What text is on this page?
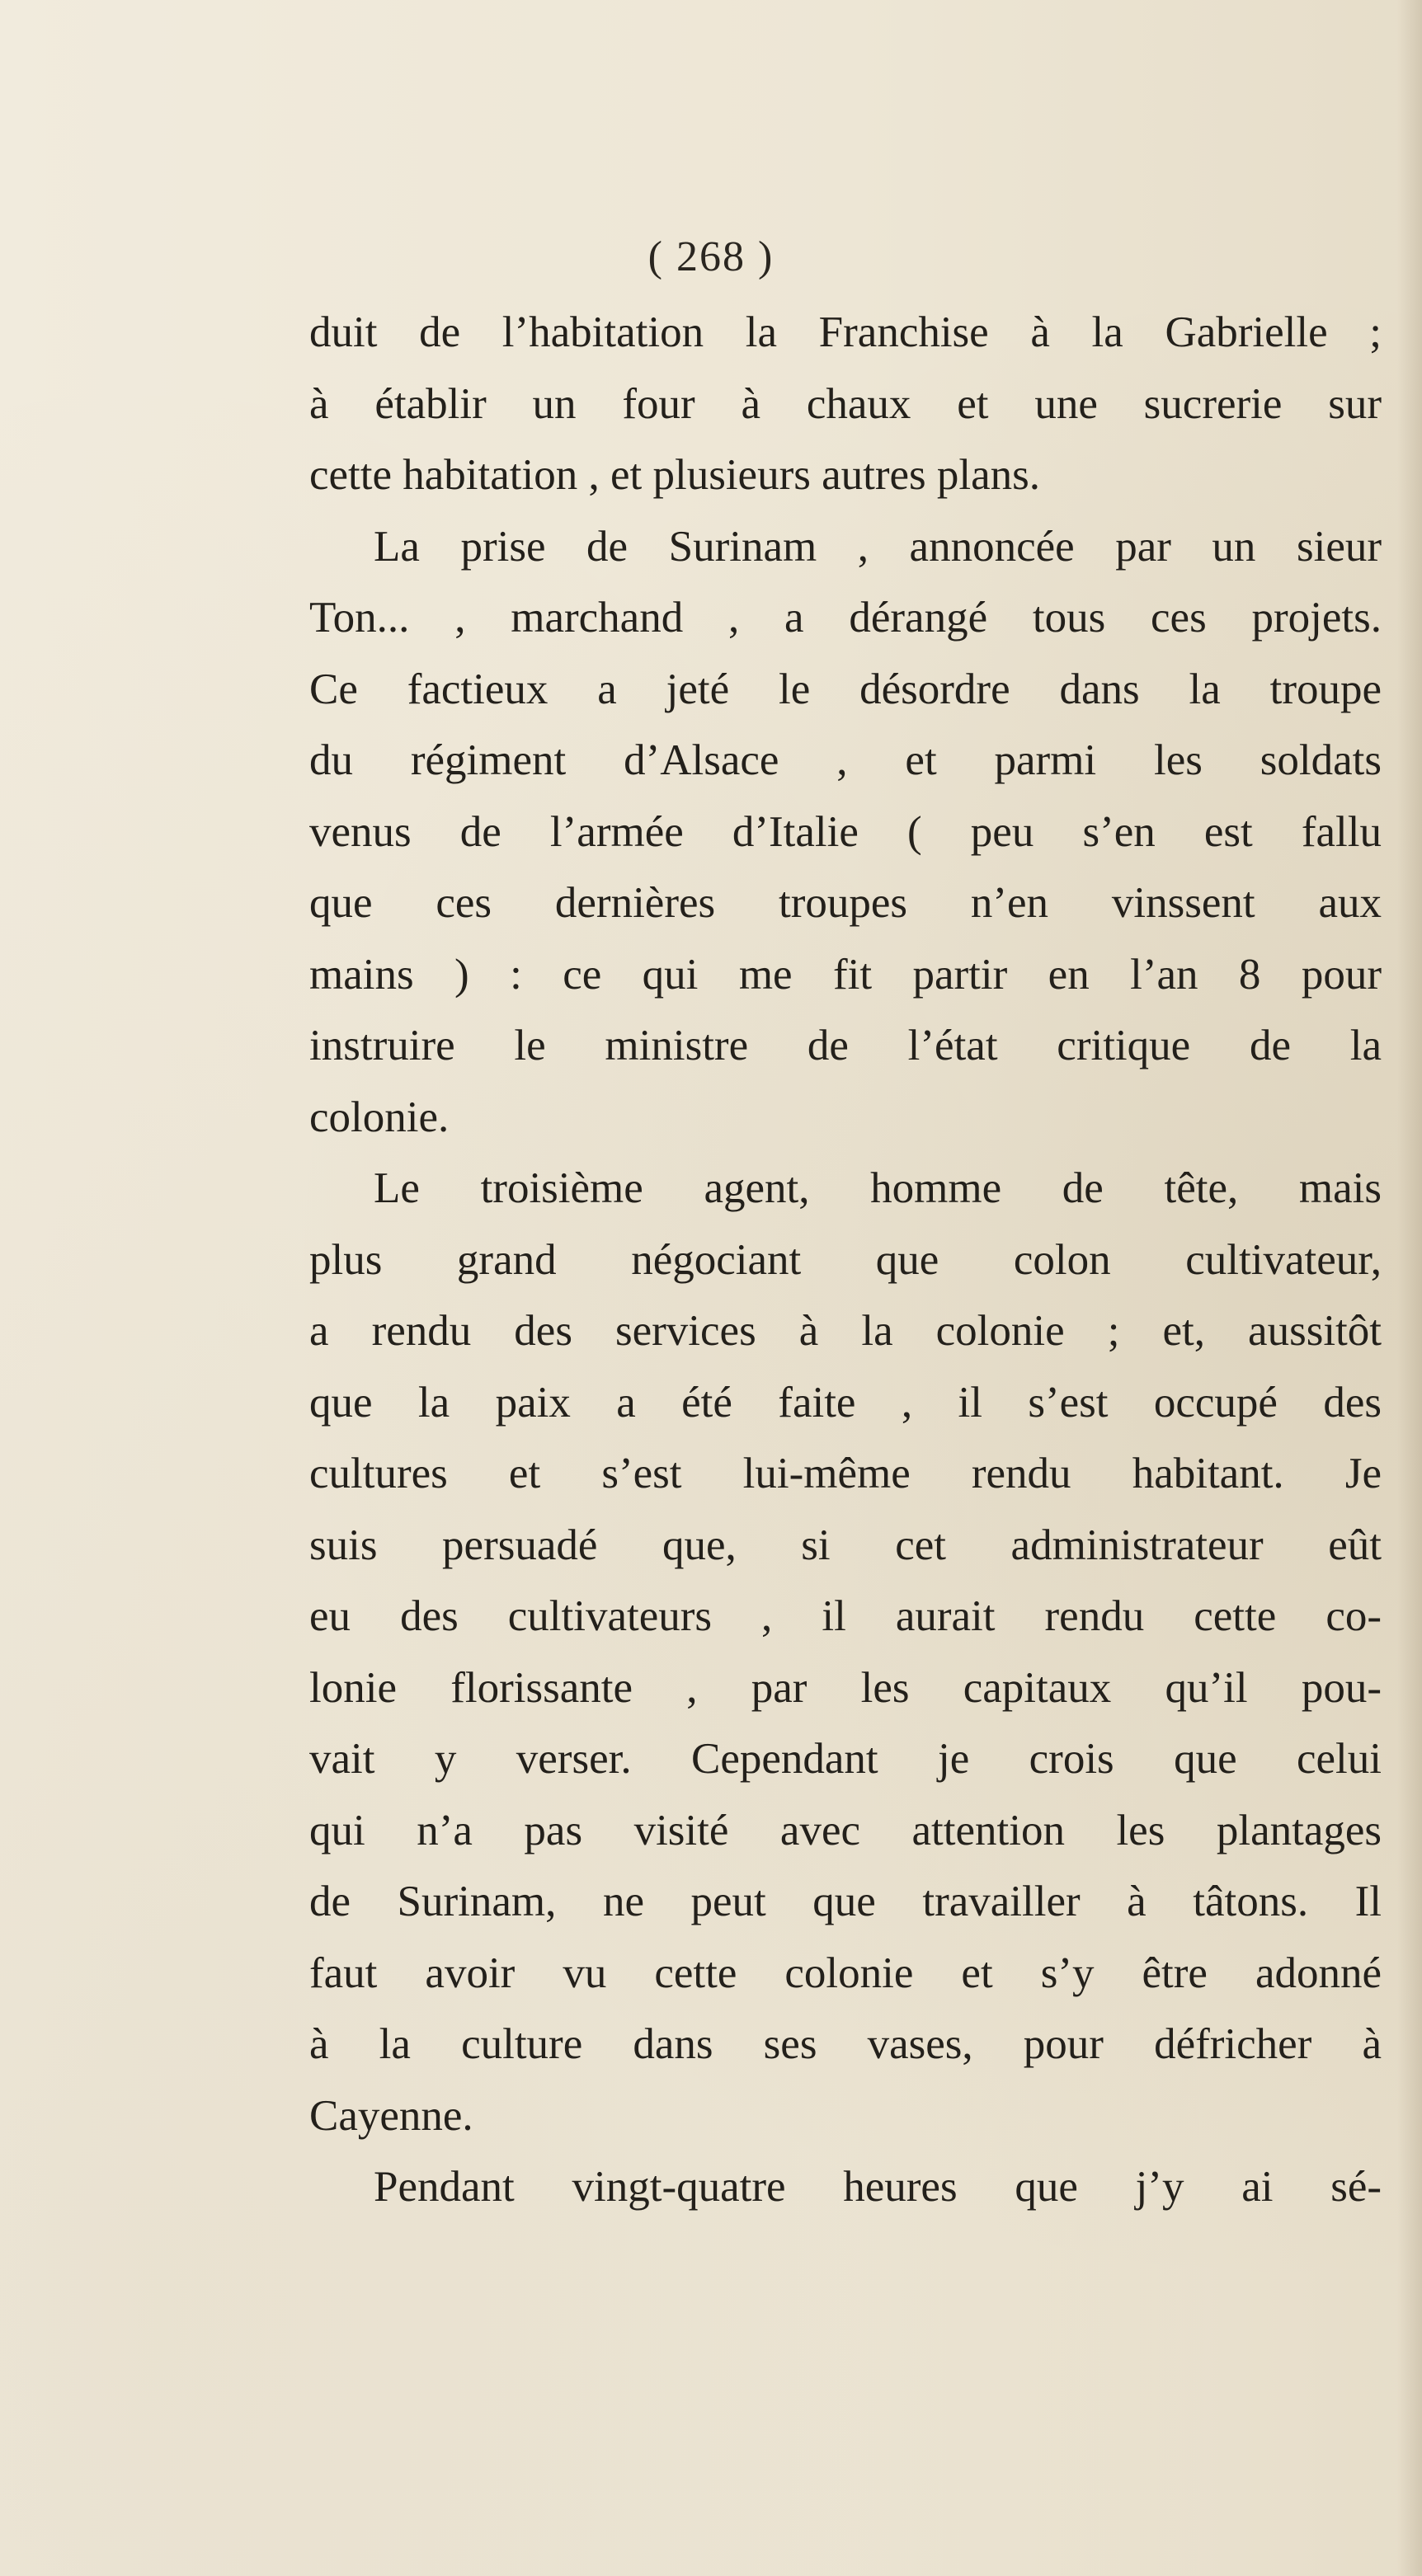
( 268 )
duit de l’habitation la Franchise à la Gabrielle ;
à établir un four à chaux et une sucrerie sur
cette habitation , et plusieurs autres plans.
La prise de Surinam , annoncée par un sieur
Ton... , marchand , a dérangé tous ces projets.
Ce factieux a jeté le désordre dans la troupe
du régiment d’Alsace , et parmi les soldats
venus de l’armée d’Italie ( peu s’en est fallu
que ces dernières troupes n’en vinssent aux
mains ) : ce qui me fit partir en l’an 8 pour
instruire le ministre de l’état critique de la
colonie.
Le troisième agent, homme de tête, mais
plus grand négociant que colon cultivateur,
a rendu des services à la colonie ; et, aussitôt
que la paix a été faite , il s’est occupé des
cultures et s’est lui-même rendu habitant. Je
suis persuadé que, si cet administrateur eût
eu des cultivateurs , il aurait rendu cette co-
lonie florissante , par les capitaux qu’il pou-
vait y verser. Cependant je crois que celui
qui n’a pas visité avec attention les plantages
de Surinam, ne peut que travailler à tâtons. Il
faut avoir vu cette colonie et s’y être adonné
à la culture dans ses vases, pour défricher à
Cayenne.
Pendant vingt-quatre heures que j’y ai sé-
